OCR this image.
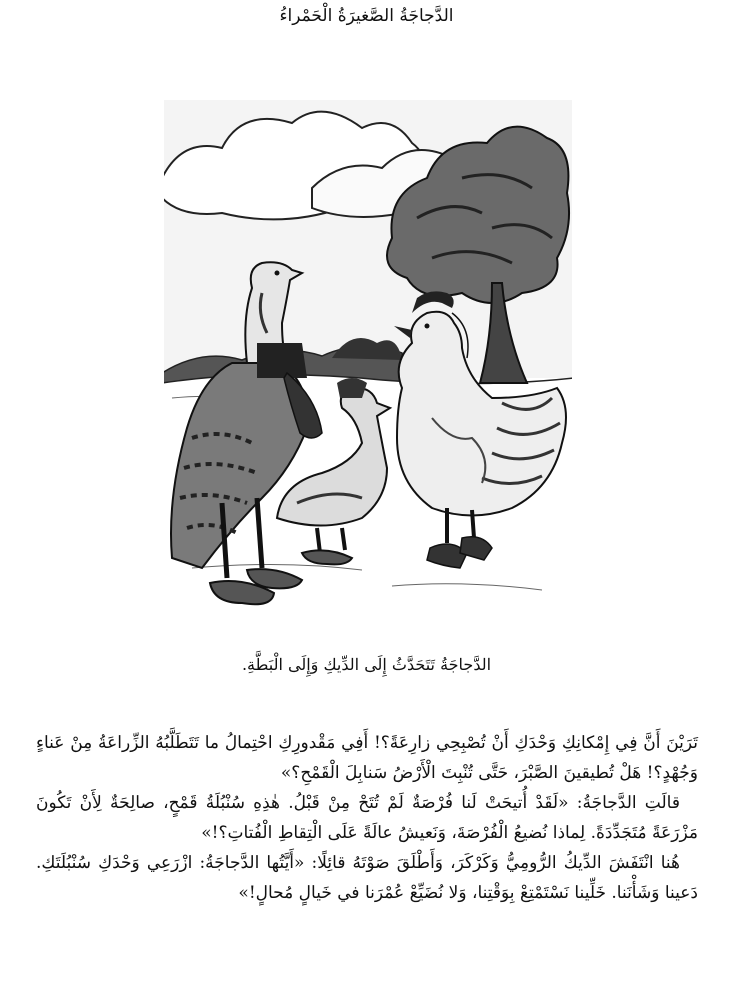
الدَّجاجَةُ الصَّغيرَةُ الْحَمْراءُ
الدَّجاجَةُ تَتَحَدَّثُ إِلَى الدِّيكِ وَإِلَى الْبَطَّةِ.

تَرَيْنَ أَنَّ فِي إِمْكانِكِ وَحْدَكِ أَنْ تُصْبِحِي زارِعَةً؟! أَفِي مَقْدورِكِ احْتِمالُ ما تَتَطَلَّبُهُ الزِّراعَةُ مِنْ عَناءٍ وَجُهْدٍ؟! هَلْ تُطيقينَ الصَّبْرَ، حَتَّى تُنْبِتَ الْأَرْضُ سَنابِلَ الْقَمْحِ؟»

قالَتِ الدَّجاجَةُ: «لَقَدْ أُتيحَتْ لَنا فُرْصَةٌ لَمْ تُتَحْ مِنْ قَبْلُ. هٰذِهِ سُنْبُلَةُ قَمْحٍ، صالِحَةٌ لِأَنْ تَكُونَ مَزْرَعَةً مُتَجَدِّدَةً. لِماذا نُضيعُ الْفُرْصَةَ، وَنَعيشُ عالَةً عَلَى الْتِقاطِ الْفُتاتِ؟!»

هُنا انْتَفَشَ الدِّيكُ الرُّومِيُّ وَكَرْكَرَ، وَأَطْلَقَ صَوْتَهُ قائِلًا: «أَيَّتُها الدَّجاجَةُ: ازْرَعِي وَحْدَكِ سُنْبُلَتَكِ. دَعينا وَشَأْنَنا. خَلِّينا نَسْتَمْتِعْ بِوَقْتِنا، وَلا نُضَيِّعْ عُمْرَنا في خَيالٍ مُحالٍ!»
